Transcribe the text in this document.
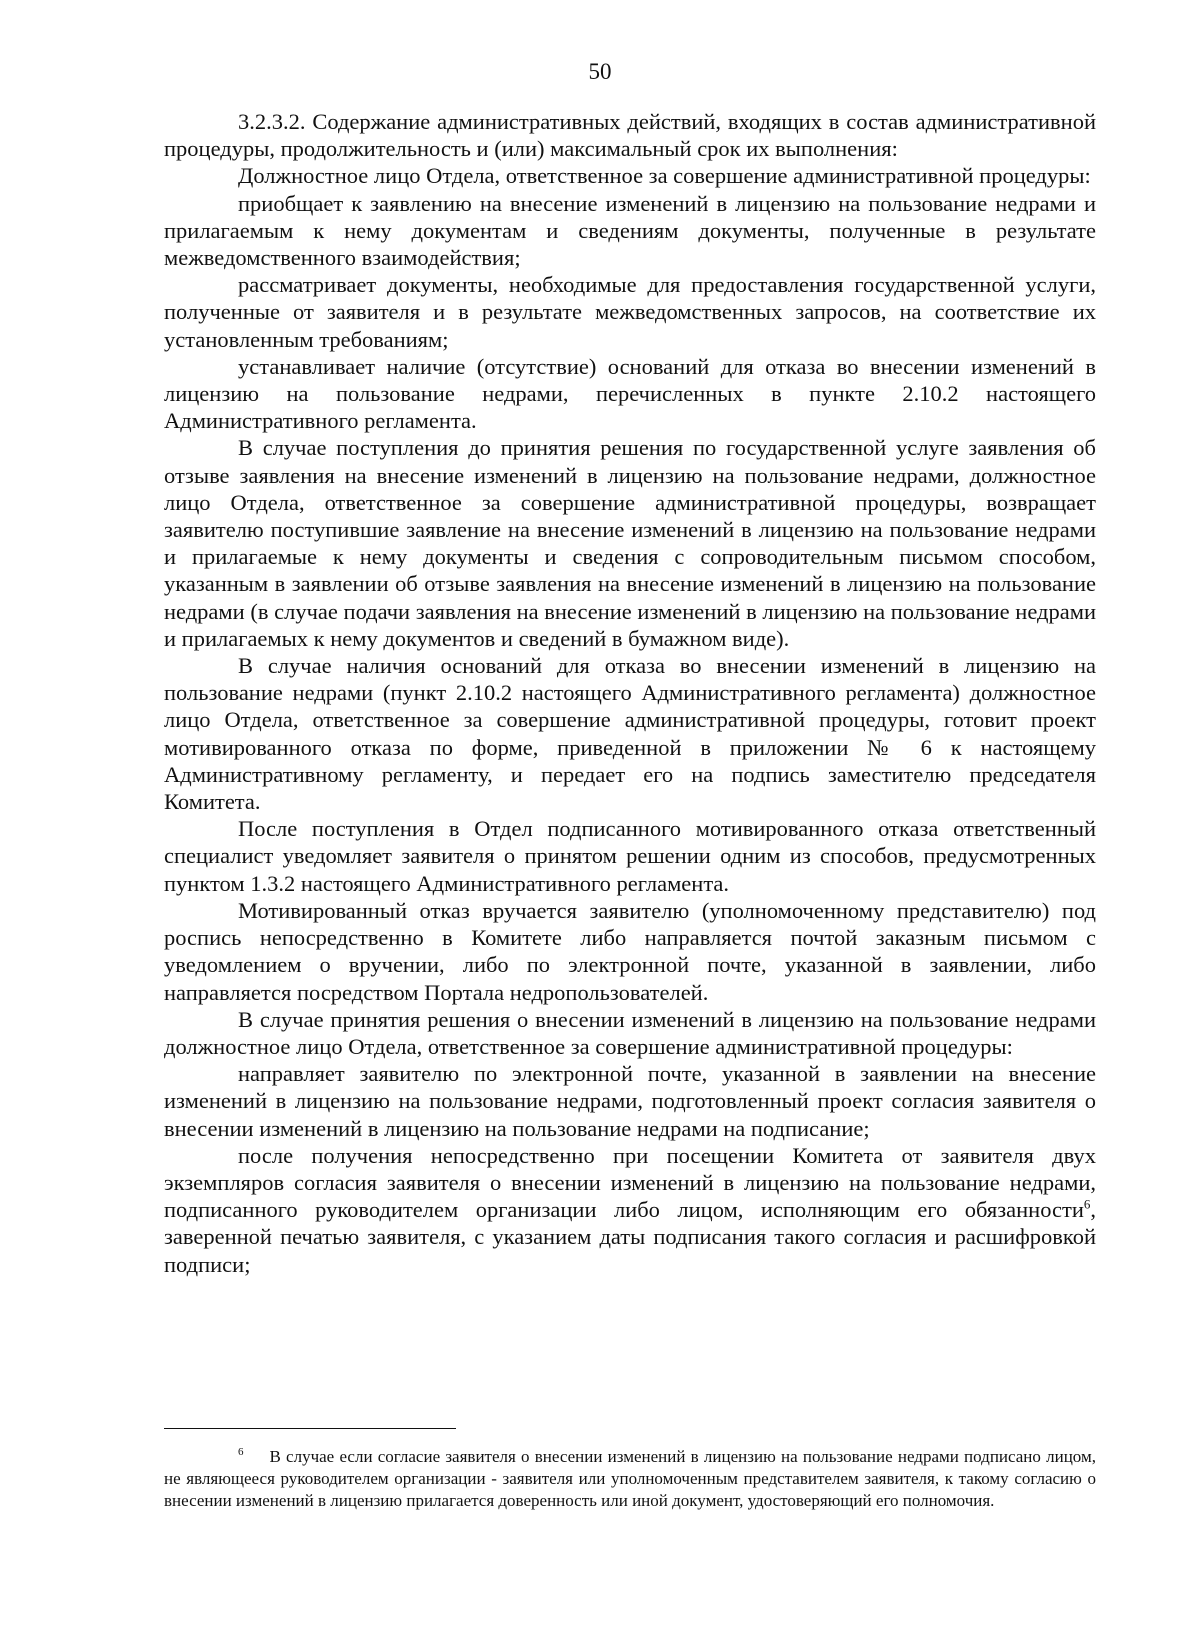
50

3.2.3.2. Содержание административных действий, входящих в состав административной процедуры, продолжительность и (или) максимальный срок их выполнения:

Должностное лицо Отдела, ответственное за совершение административной процедуры:

приобщает к заявлению на внесение изменений в лицензию на пользование недрами и прилагаемым к нему документам и сведениям документы, полученные в результате межведомственного взаимодействия;

рассматривает документы, необходимые для предоставления государственной услуги, полученные от заявителя и в результате межведомственных запросов, на соответствие их установленным требованиям;

устанавливает наличие (отсутствие) оснований для отказа во внесении изменений в лицензию на пользование недрами, перечисленных в пункте 2.10.2 настоящего Административного регламента.

В случае поступления до принятия решения по государственной услуге заявления об отзыве заявления на внесение изменений в лицензию на пользование недрами, должностное лицо Отдела, ответственное за совершение административной процедуры, возвращает заявителю поступившие заявление на внесение изменений в лицензию на пользование недрами и прилагаемые к нему документы и сведения с сопроводительным письмом способом, указанным в заявлении об отзыве заявления на внесение изменений в лицензию на пользование недрами (в случае подачи заявления на внесение изменений в лицензию на пользование недрами и прилагаемых к нему документов и сведений в бумажном виде).

В случае наличия оснований для отказа во внесении изменений в лицензию на пользование недрами (пункт 2.10.2 настоящего Административного регламента) должностное лицо Отдела, ответственное за совершение административной процедуры, готовит проект мотивированного отказа по форме, приведенной в приложении № 6 к настоящему Административному регламенту, и передает его на подпись заместителю председателя Комитета.

После поступления в Отдел подписанного мотивированного отказа ответственный специалист уведомляет заявителя о принятом решении одним из способов, предусмотренных пунктом 1.3.2 настоящего Административного регламента.

Мотивированный отказ вручается заявителю (уполномоченному представителю) под роспись непосредственно в Комитете либо направляется почтой заказным письмом с уведомлением о вручении, либо по электронной почте, указанной в заявлении, либо направляется посредством Портала недропользователей.

В случае принятия решения о внесении изменений в лицензию на пользование недрами должностное лицо Отдела, ответственное за совершение административной процедуры:

направляет заявителю по электронной почте, указанной в заявлении на внесение изменений в лицензию на пользование недрами, подготовленный проект согласия заявителя о внесении изменений в лицензию на пользование недрами на подписание;

после получения непосредственно при посещении Комитета от заявителя двух экземпляров согласия заявителя о внесении изменений в лицензию на пользование недрами, подписанного руководителем организации либо лицом, исполняющим его обязанности$^6$, заверенной печатью заявителя, с указанием даты подписания такого согласия и расшифровкой подписи;

$^6$ В случае если согласие заявителя о внесении изменений в лицензию на пользование недрами подписано лицом, не являющееся руководителем организации - заявителя или уполномоченным представителем заявителя, к такому согласию о внесении изменений в лицензию прилагается доверенность или иной документ, удостоверяющий его полномочия.
